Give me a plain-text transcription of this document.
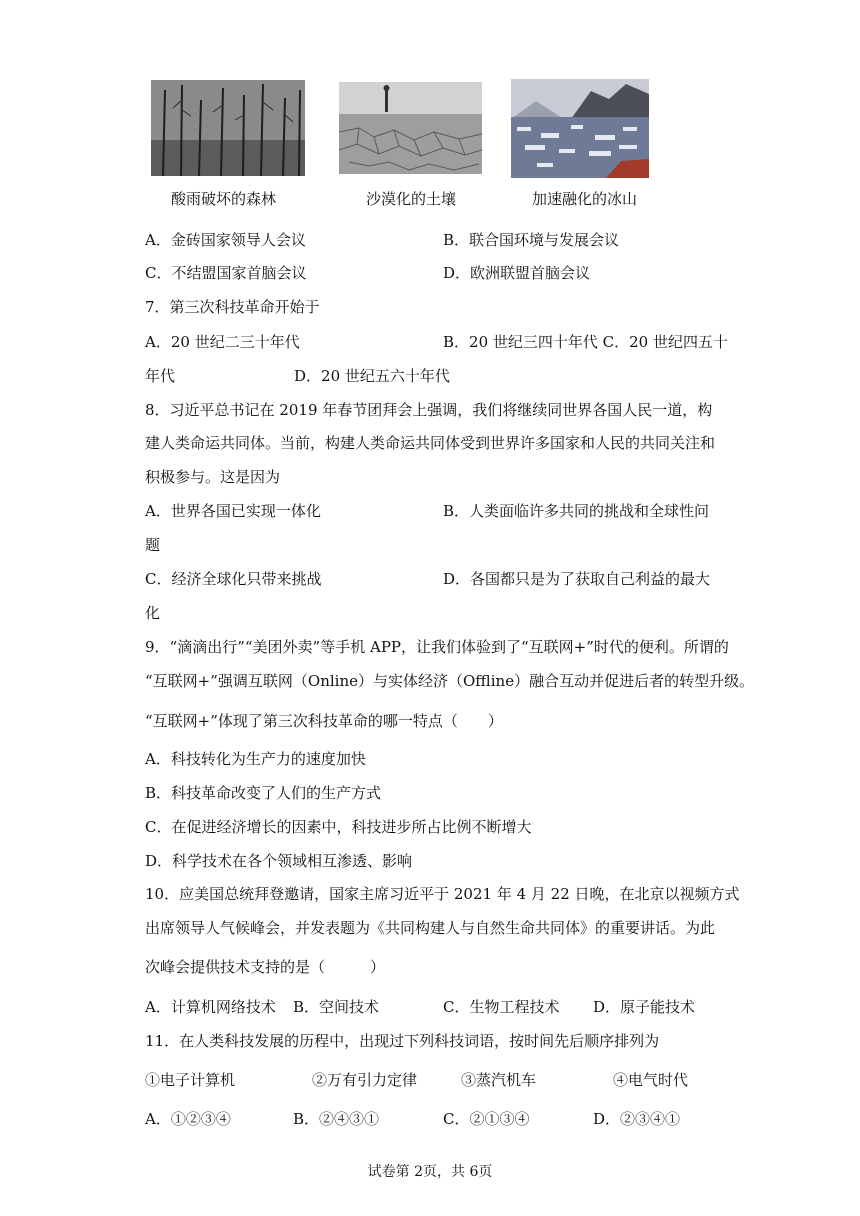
酸雨破坏的森林	沙漠化的土壤	加速融化的冰山
A．金砖国家领导人会议	B．联合国环境与发展会议
C．不结盟国家首脑会议	D．欧洲联盟首脑会议
7．第三次科技革命开始于
A．20 世纪二三十年代	B．20 世纪三四十年代 C．20 世纪四五十
年代	D．20 世纪五六十年代
8．习近平总书记在 2019 年春节团拜会上强调，我们将继续同世界各国人民一道，构
建人类命运共同体。当前，构建人类命运共同体受到世界许多国家和人民的共同关注和
积极参与。这是因为
A．世界各国已实现一体化	B．人类面临许多共同的挑战和全球性问
题
C．经济全球化只带来挑战	D．各国都只是为了获取自己利益的最大
化
9．“滴滴出行”“美团外卖”等手机 APP，让我们体验到了“互联网+”时代的便利。所谓的
“互联网+”强调互联网（Online）与实体经济（Offline）融合互动并促进后者的转型升级。
“互联网+”体现了第三次科技革命的哪一特点（　　）
A．科技转化为生产力的速度加快
B．科技革命改变了人们的生产方式
C．在促进经济增长的因素中，科技进步所占比例不断增大
D．科学技术在各个领域相互渗透、影响
10．应美国总统拜登邀请，国家主席习近平于 2021 年 4 月 22 日晚，在北京以视频方式
出席领导人气候峰会，并发表题为《共同构建人与自然生命共同体》的重要讲话。为此
次峰会提供技术支持的是（　　　）
A．计算机网络技术 B．空间技术	C．生物工程技术 D．原子能技术
11．在人类科技发展的历程中，出现过下列科技词语，按时间先后顺序排列为
①电子计算机	②万有引力定律	③蒸汽机车	④电气时代
A．①②③④	B．②④③①	C．②①③④	D．②③④①
试卷第 2页，共 6页
